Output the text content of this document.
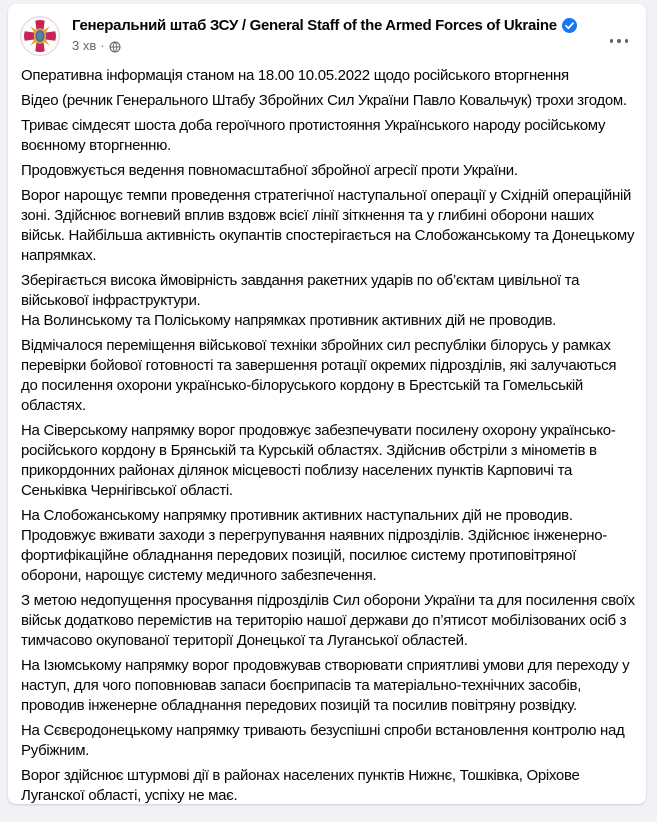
Генеральний штаб ЗСУ / General Staff of the Armed Forces of Ukraine
3 хв ·
Оперативна інформація станом на 18.00 10.05.2022 щодо російського вторгнення
Відео (речник Генерального Штабу Збройних Сил України Павло Ковальчук) трохи згодом.
Триває сімдесят шоста доба героїчного протистояння Українського народу російському воєнному вторгненню.
Продовжується ведення повномасштабної збройної агресії проти України.
Ворог нарощує темпи проведення стратегічної наступальної операції у Східній операційній зоні. Здійснює вогневий вплив вздовж всієї лінії зіткнення та у глибині оборони наших військ. Найбільша активність окупантів спостерігається на Слобожанському та Донецькому напрямках.
Зберігається висока ймовірність завдання ракетних ударів по об’єктам цивільної та військової інфраструктури.
На Волинському та Поліському напрямках противник активних дій не проводив.
Відмічалося переміщення військової техніки збройних сил республіки білорусь у рамках перевірки бойової готовності та завершення ротації окремих підрозділів, які залучаються до посилення охорони українсько-білоруського кордону в Брестській та Гомельській областях.
На Сіверському напрямку ворог продовжує забезпечувати посилену охорону українсько-російського кордону в Брянській та Курській областях. Здійснив обстріли з мінометів в прикордонних районах ділянок місцевості поблизу населених пунктів Карповичі та Сеньківка Чернігівської області.
На Слобожанському напрямку противник активних наступальних дій не проводив. Продовжує вживати заходи з перегрупування наявних підрозділів. Здійснює інженерно-фортифікаційне обладнання передових позицій, посилює систему протиповітряної оборони, нарощує систему медичного забезпечення.
З метою недопущення просування підрозділів Сил оборони України та для посилення своїх військ додатково перемістив на територію нашої держави до п’ятисот мобілізованих осіб з тимчасово окупованої території Донецької та Луганської областей.
На Ізюмському напрямку ворог продовжував створювати сприятливі умови для переходу у наступ, для чого поповнював запаси боєприпасів та матеріально-технічних засобів, проводив інженерне обладнання передових позицій та посилив повітряну розвідку.
На Сєвєродонецькому напрямку тривають безуспішні спроби встановлення контролю над Рубіжним.
Ворог здійснює штурмові дії в районах населених пунктів Нижнє, Тошківка, Оріхове Луганскої області, успіху не має.
